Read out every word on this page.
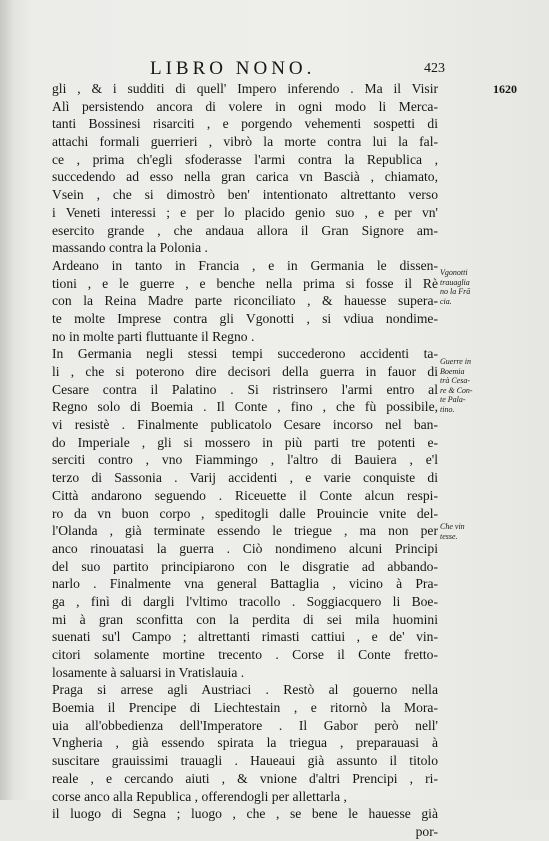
LIBRO NONO.	423
1620
gli , & i sudditi di quell' Impero inferendo . Ma il Visir
Alì persistendo ancora di volere in ogni modo li Merca-
tanti Bossinesi risarciti , e porgendo vehementi sospetti di
attachi formali guerrieri , vibrò la morte contra lui la fal-
ce , prima ch'egli sfoderasse l'armi contra la Republica ,
succedendo ad esso nella gran carica vn Bascià , chiamato,
Vsein , che si dimostrò ben' intentionato altrettanto verso
i Veneti interessi ; e per lo placido genio suo , e per vn'
esercito grande , che andaua allora il Gran Signore am-
massando contra la Polonia .
Ardeano in tanto in Francia , e in Germania le dissen-
tioni , e le guerre , e benche nella prima si fosse il Rè
con la Reina Madre parte riconciliato , & hauesse supera-
te molte Imprese contra gli Vgonotti , si vdiua nondime-
no in molte parti fluttuante il Regno .
In Germania negli stessi tempi succederono accidenti ta-
li , che si poterono dire decisori della guerra in fauor di
Cesare contra il Palatino . Si ristrinsero l'armi entro al
Regno solo di Boemia . Il Conte , fino , che fù possibile,
vi resistè . Finalmente publicatolo Cesare incorso nel ban-
do Imperiale , gli si mossero in più parti tre potenti e-
serciti contro , vno Fiammingo , l'altro di Bauiera , e'l
terzo di Sassonia . Varij accidenti , e varie conquiste di
Città andarono seguendo . Riceuette il Conte alcun respi-
ro da vn buon corpo , speditogli dalle Prouincie vnite del-
l'Olanda , già terminate essendo le triegue , ma non per
anco rinouatasi la guerra . Ciò nondimeno alcuni Principi
del suo partito principiarono con le disgratie ad abbando-
narlo . Finalmente vna general Battaglia , vicino à Pra-
ga , finì di dargli l'vltimo tracollo . Soggiacquero li Boe-
mi à gran sconfitta con la perdita di sei mila huomini
suenati su'l Campo ; altrettanti rimasti cattiui , e de' vin-
citori solamente mortine trecento . Corse il Conte fretto-
losamente à saluarsi in Vratislauia .
Praga si arrese agli Austriaci . Restò al gouerno nella
Boemia il Prencipe di Liechtestain , e ritornò la Mora-
uia all'obbedienza dell'Imperatore . Il Gabor però nell'
Vngheria , già essendo spirata la triegua , preparauasi à
suscitare grauissimi trauagli . Haueaui già assunto il titolo
reale , e cercando aiuti , & vnione d'altri Prencipi , ri-
corse anco alla Republica , offerendogli per allettarla ,
il luogo di Segna ; luogo , che , se bene le hauesse già
por-
Vgonotti
trauaglia
no la Frā
cia.
Guerre in
Boemia
trà Cesa-
re & Con-
te Pala-
tino.
Che vin
tesse.
